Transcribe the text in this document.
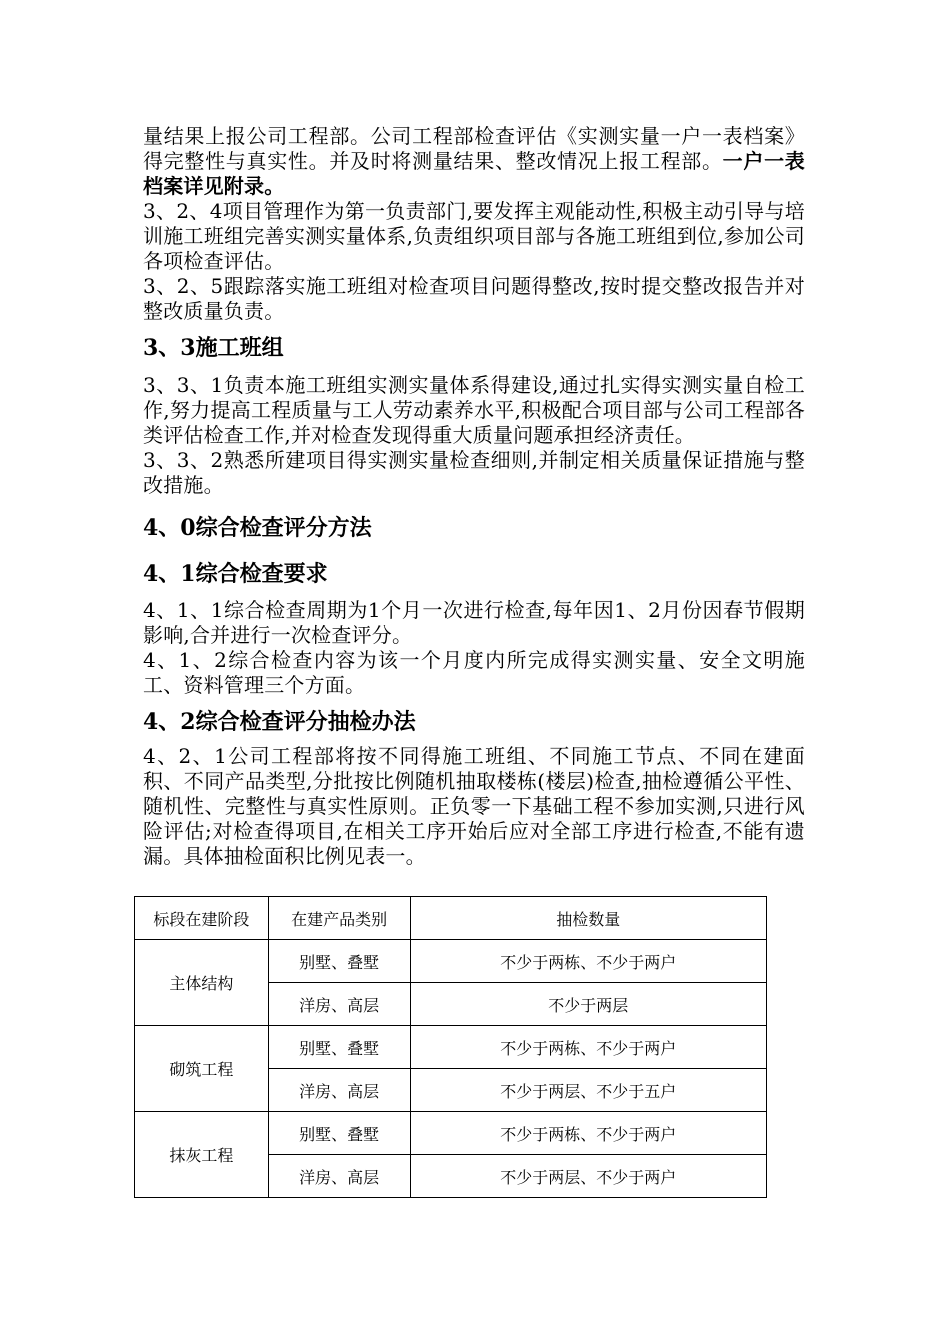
量结果上报公司工程部。公司工程部检查评估《实测实量一户一表档案》得完整性与真实性。并及时将测量结果、整改情况上报工程部。一户一表档案详见附录。

3、2、4项目管理作为第一负责部门,要发挥主观能动性,积极主动引导与培训施工班组完善实测实量体系,负责组织项目部与各施工班组到位,参加公司各项检查评估。

3、2、5跟踪落实施工班组对检查项目问题得整改,按时提交整改报告并对整改质量负责。

3、3施工班组

3、3、1负责本施工班组实测实量体系得建设,通过扎实得实测实量自检工作,努力提高工程质量与工人劳动素养水平,积极配合项目部与公司工程部各类评估检查工作,并对检查发现得重大质量问题承担经济责任。

3、3、2熟悉所建项目得实测实量检查细则,并制定相关质量保证措施与整改措施。

4、0综合检查评分方法
4、1综合检查要求

4、1、1综合检查周期为1个月一次进行检查,每年因1、2月份因春节假期影响,合并进行一次检查评分。

4、1、2综合检查内容为该一个月度内所完成得实测实量、安全文明施工、资料管理三个方面。

4、2综合检查评分抽检办法

4、2、1公司工程部将按不同得施工班组、不同施工节点、不同在建面积、不同产品类型,分批按比例随机抽取楼栋(楼层)检查,抽检遵循公平性、随机性、完整性与真实性原则。正负零一下基础工程不参加实测,只进行风险评估;对检查得项目,在相关工序开始后应对全部工序进行检查,不能有遗漏。具体抽检面积比例见表一。

标段在建阶段	在建产品类别	抽检数量
主体结构	别墅、叠墅	不少于两栋、不少于两户
	洋房、高层	不少于两层
砌筑工程	别墅、叠墅	不少于两栋、不少于两户
	洋房、高层	不少于两层、不少于五户
抹灰工程	别墅、叠墅	不少于两栋、不少于两户
	洋房、高层	不少于两层、不少于两户
